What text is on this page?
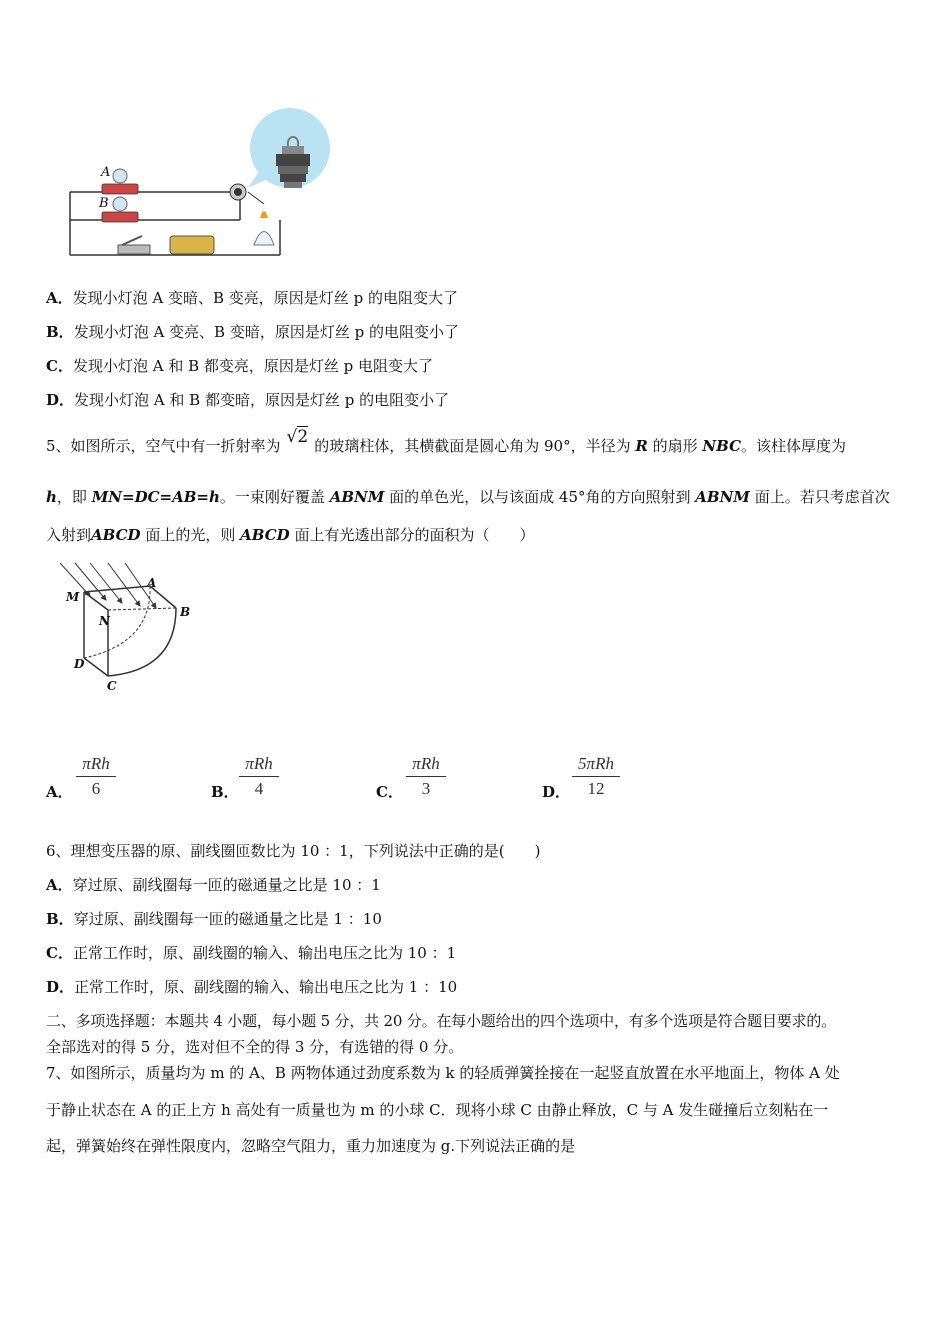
A
B
A．发现小灯泡 A 变暗、B 变亮，原因是灯丝 p 的电阻变大了
B．发现小灯泡 A 变亮、B 变暗，原因是灯丝 p 的电阻变小了
C．发现小灯泡 A 和 B 都变亮，原因是灯丝 p 电阻变大了
D．发现小灯泡 A 和 B 都变暗，原因是灯丝 p 的电阻变小了
5、如图所示，空气中有一折射率为 √2 的玻璃柱体，其横截面是圆心角为 90°，半径为 R 的扇形 NBC。该柱体厚度为
h，即 MN=DC=AB=h。一束刚好覆盖 ABNM 面的单色光，以与该面成 45°角的方向照射到 ABNM 面上。若只考虑首次
入射到ABCD 面上的光，则 ABCD 面上有光透出部分的面积为（　　）
M
A
B
N
D
C
A．
πRh
6	B．
πRh
4	C．
πRh
3	D．
5πRh
12
6、理想变压器的原、副线圈匝数比为 10 ：1，下列说法中正确的是(　　)
A．穿过原、副线圈每一匝的磁通量之比是 10 ：1
B．穿过原、副线圈每一匝的磁通量之比是 1 ：10
C．正常工作时，原、副线圈的输入、输出电压之比为 10 ：1
D．正常工作时，原、副线圈的输入、输出电压之比为 1 ：10
二、多项选择题：本题共 4 小题，每小题 5 分，共 20 分。在每小题给出的四个选项中，有多个选项是符合题目要求的。
全部选对的得 5 分，选对但不全的得 3 分，有选错的得 0 分。
7、如图所示，质量均为 m 的 A、B 两物体通过劲度系数为 k 的轻质弹簧拴接在一起竖直放置在水平地面上，物体 A 处
于静止状态在 A 的正上方 h 高处有一质量也为 m 的小球 C．现将小球 C 由静止释放，C 与 A 发生碰撞后立刻粘在一
起，弹簧始终在弹性限度内，忽略空气阻力，重力加速度为 g.下列说法正确的是
